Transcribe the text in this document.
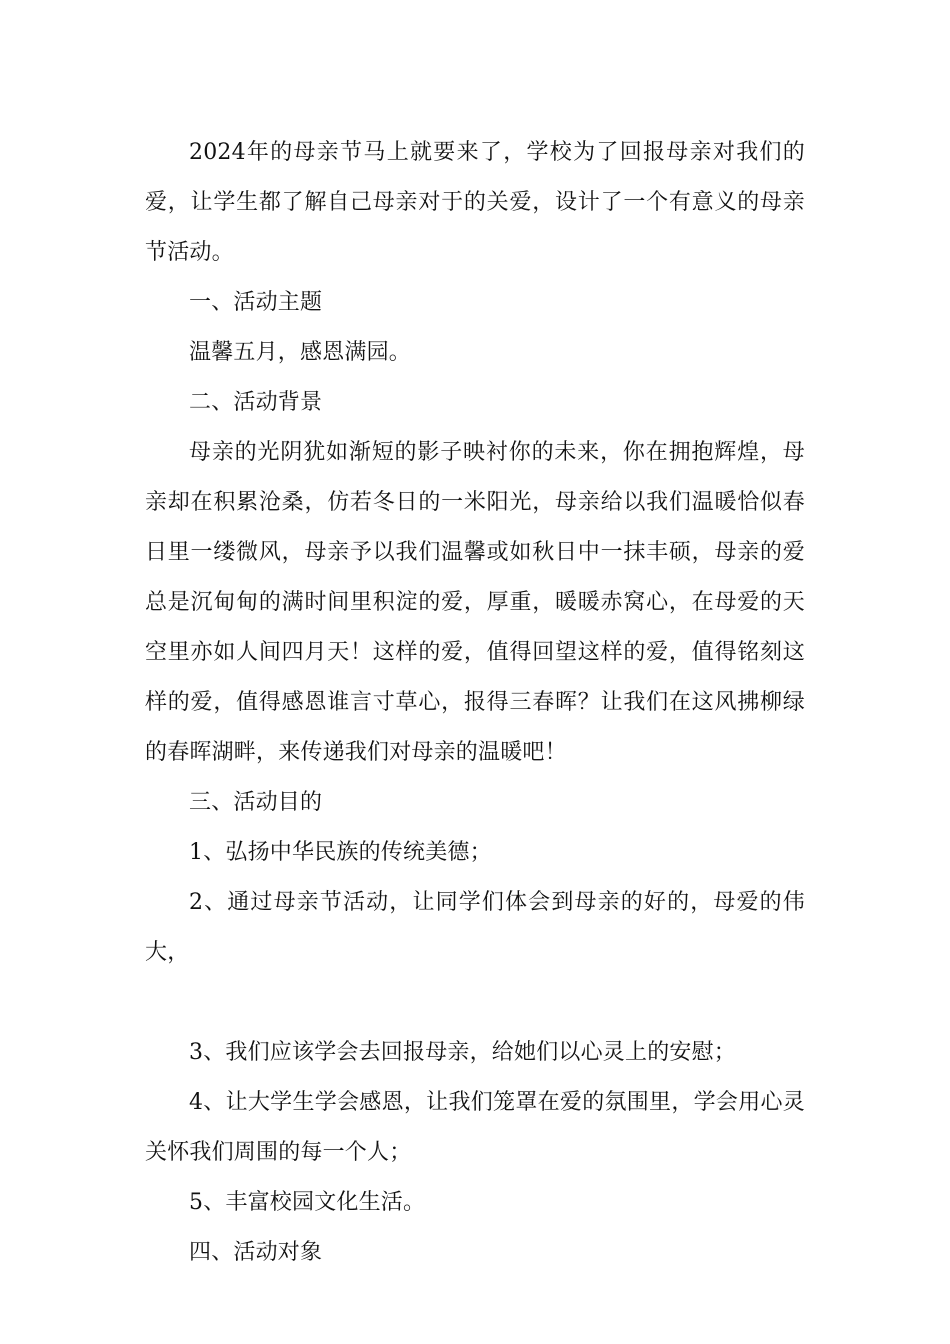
2024年的母亲节马上就要来了，学校为了回报母亲对我们的爱，让学生都了解自己母亲对于的关爱，设计了一个有意义的母亲节活动。

一、活动主题

温馨五月，感恩满园。

二、活动背景

母亲的光阴犹如渐短的影子映衬你的未来，你在拥抱辉煌，母亲却在积累沧桑，仿若冬日的一米阳光，母亲给以我们温暖恰似春日里一缕微风，母亲予以我们温馨或如秋日中一抹丰硕，母亲的爱总是沉甸甸的满时间里积淀的爱，厚重，暖暖赤窝心，在母爱的天空里亦如人间四月天！这样的爱，值得回望这样的爱，值得铭刻这样的爱，值得感恩谁言寸草心，报得三春晖？让我们在这风拂柳绿的春晖湖畔，来传递我们对母亲的温暖吧！

三、活动目的

1、弘扬中华民族的传统美德；

2、通过母亲节活动，让同学们体会到母亲的好的，母爱的伟大，

3、我们应该学会去回报母亲，给她们以心灵上的安慰；

4、让大学生学会感恩，让我们笼罩在爱的氛围里，学会用心灵关怀我们周围的每一个人；

5、丰富校园文化生活。

四、活动对象
